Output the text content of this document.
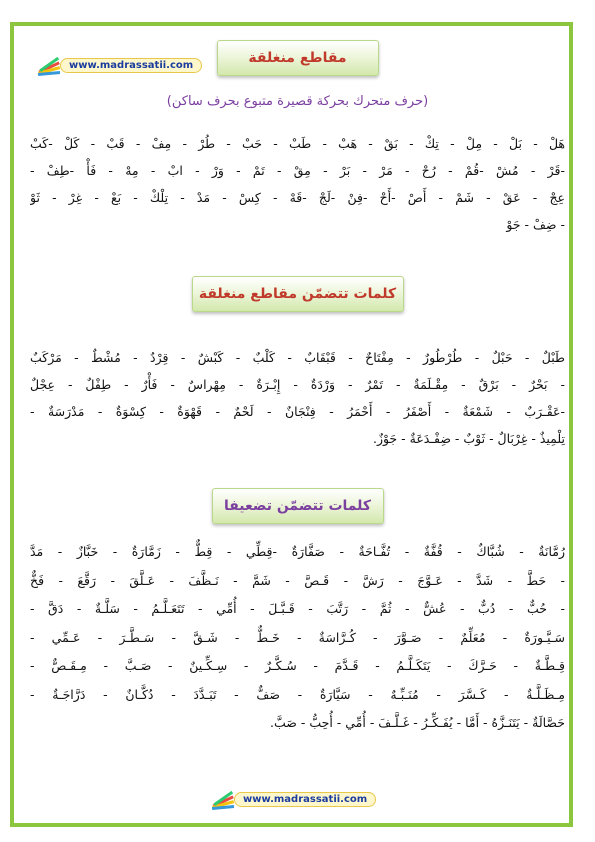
www.madrassatii.com	مقاطع منغلقة
(حرف متحرك بحركة قصيرة متبوع بحرف ساكن)
هَلْ - بَلْ - مِلْ - تِكْ - بَقْ - هَبْ - طَبْ - حَبْ - طُرْ - مِفْ - قَبْ - كَلْ -كَبْ
-قَرْ - مُشْ -قُمْ - رُحْ - مَرْ - بَرْ - مِقْ - تَمْ - وَرْ - ابْ - مِهْ - فَأْ -طِفْ -
عِجْ - عَقْ - شَمْ - أَصْ -أَحْ -فِنْ -لَجْ -قَهْ - كِسْ - مَدْ - تِلْكْ - بَعْ - غِرْ - ثَوْ
- ضِفْ - جَوْ
كلمات تتضمّن مقاطع منغلقة
طَبْلٌ - حَبْلٌ - طُرْطُورٌ - مِفْتَاحٌ - قَبْقَابٌ - كَلْبٌ - كَبْشٌ - قِرْدٌ - مُشْطٌ - مَرْكَبٌ
- بَحْرٌ - بَرْقٌ - مِقْـلَمَةٌ - تَمْرٌ - وَرْدَةٌ - إِبْـرَةٌ - مِهْراسٌ - فَأْرٌ - طِفْلٌ - عِجْلٌ
-عَقْـرَبٌ - شَمْعَةٌ - أَصْفَرُ - أَحْمَرُ - فِنْجَانٌ - لَحْمٌ - قَهْوَةٌ - كِسْوَةٌ - مَدْرَسَةٌ -
تِلْمِيذٌ - غِرْبَالٌ - ثَوْبٌ - ضِفْـدَعَةٌ - جَوْزٌ.
كلمات تتضمّن تضعيفا
رُمَّانَةٌ - شُبَّاكٌ - قُفَّةٌ - تُفَّـاحَةٌ - صَفَّارَةٌ -قِطِّي - قِطٌّ - زَمَّارَةٌ - خَبَّازٌ - مَدَّ
- حَطَّ - شَدَّ - عَـوَّجَ - رَشَّ - قَـصَّ - شَمَّ - نَـظَّفَ - عَـلَّقَ - رَقَّعَ - فَخٌّ
- حُبٌّ - دُبٌّ - عُشٌّ - ثُمَّ - رَتَّبَ - قَـبَّـلَ - أُمِّي - تَتَعَـلَّـمُ - سَلَّـةٌ - دَقَّ -
سَـيَّـورَةٌ - مُعَلِّمٌ - صَـوَّرَ - كُـرَّاسَةٌ - خَـطٌّ - شَـقَّ - سَـطَّـرَ - عَـمِّي -
قِـطَّـةٌ - حَـرَّكَ - يَتَكَـلَّـمُ - قَـدَّمَ - سُـكَّـرٌ - سِـكِّـينٌ - صَـبَّ - مِـقَـصٌّ -
مِـظَـلَّـةٌ - كَـسَّرَ - مُنَـبِّـهٌ - سَيَّارَةٌ - صَفٌّ - تَبَـدَّدَ - دُكَّـانٌ - دَرَّاجَـةٌ -
حَصَّالَةٌ - يَتَنَـزَّهُ - أَمَّا - يُفَـكِّـرُ - غَـلَّـفَ - أُمِّي - أُحِبُّ - صَبَّ.
www.madrassatii.com
